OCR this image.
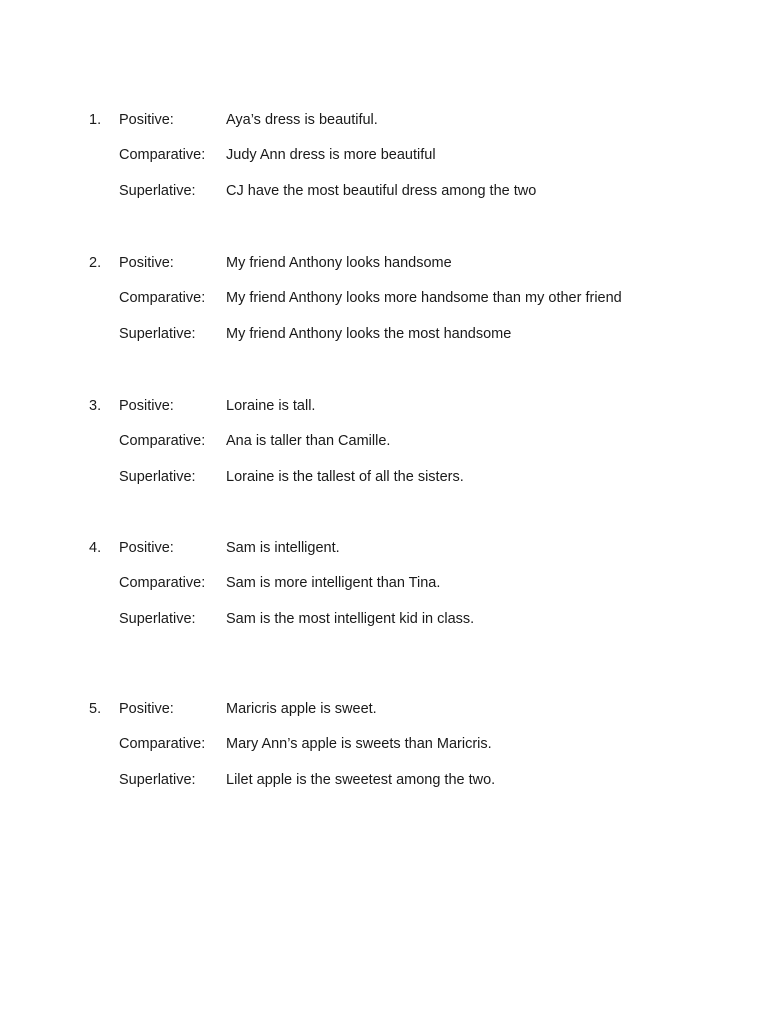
1. Positive:	Aya’s dress is beautiful.
Comparative: Judy Ann dress is more beautiful
Superlative: CJ have the most beautiful dress among the two
2. Positive:	My friend Anthony looks handsome
Comparative: My friend Anthony looks more handsome than my other friend
Superlative: My friend Anthony looks the most handsome
3. Positive:	Loraine is tall.
Comparative: Ana is taller than Camille.
Superlative: Loraine is the tallest of all the sisters.
4. Positive:	Sam is intelligent.
Comparative: Sam is more intelligent than Tina.
Superlative: Sam is the most intelligent kid in class.
5. Positive:	Maricris apple is sweet.
Comparative: Mary Ann’s apple is sweets than Maricris.
Superlative: Lilet apple is the sweetest among the two.
